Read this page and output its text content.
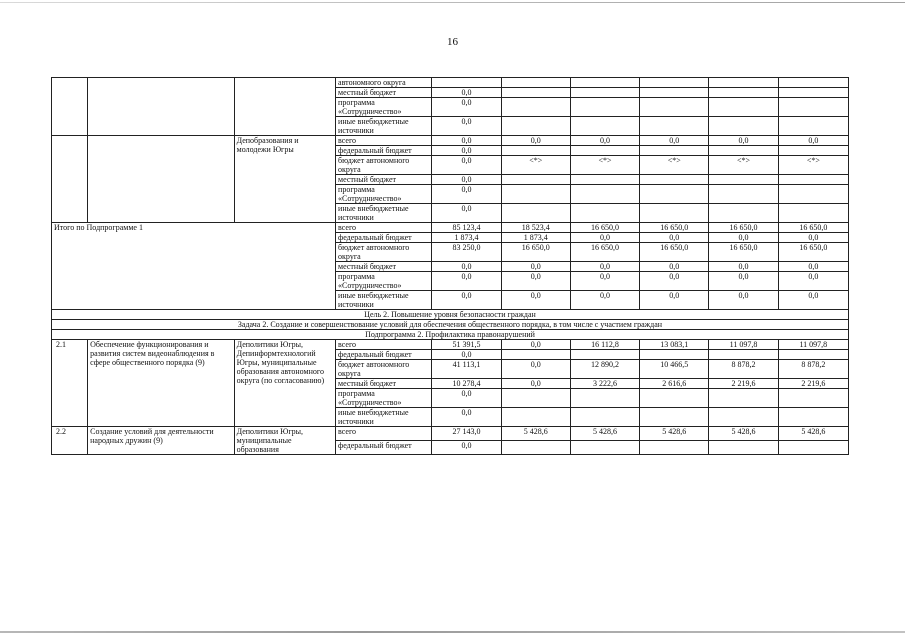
16
			автономного округа						
			местный бюджет	0,0					
			программа «Сотрудничество»	0,0					
			иные внебюджетные источники	0,0					
		Депобразования и молодежи Югры	всего	0,0	0,0	0,0	0,0	0,0	0,0
			федеральный бюджет	0,0					
			бюджет автономного округа	0,0	<*>	<*>	<*>	<*>	<*>
			местный бюджет	0,0					
			программа «Сотрудничество»	0,0					
			иные внебюджетные источники	0,0					
Итого по Подпрограмме 1			всего	85 123,4	18 523,4	16 650,0	16 650,0	16 650,0	16 650,0
			федеральный бюджет	1 873,4	1 873,4	0,0	0,0	0,0	0,0
			бюджет автономного округа	83 250,0	16 650,0	16 650,0	16 650,0	16 650,0	16 650,0
			местный бюджет	0,0	0,0	0,0	0,0	0,0	0,0
			программа «Сотрудничество»	0,0	0,0	0,0	0,0	0,0	0,0
			иные внебюджетные источники	0,0	0,0	0,0	0,0	0,0	0,0
Цель 2. Повышение уровня безопасности граждан									
Задача 2. Создание и совершенствование условий для обеспечения общественного порядка, в том числе с участием граждан									
Подпрограмма 2. Профилактика правонарушений									
2.1	Обеспечение функционирования и развития систем видеонаблюдения в сфере общественного порядка (9)	Деполитики Югры, Депинформтехнологий Югры, муниципальные образования автономного округа (по согласованию)	всего	51 391,5	0,0	16 112,8	13 083,1	11 097,8	11 097,8
			федеральный бюджет	0,0					
			бюджет автономного округа	41 113,1	0,0	12 890,2	10 466,5	8 878,2	8 878,2
			местный бюджет	10 278,4	0,0	3 222,6	2 616,6	2 219,6	2 219,6
			программа «Сотрудничество»	0,0					
			иные внебюджетные источники	0,0					
2.2	Создание условий для деятельности народных дружин (9)	Деполитики Югры, муниципальные образования	всего	27 143,0	5 428,6	5 428,6	5 428,6	5 428,6	5 428,6
			федеральный бюджет	0,0					
